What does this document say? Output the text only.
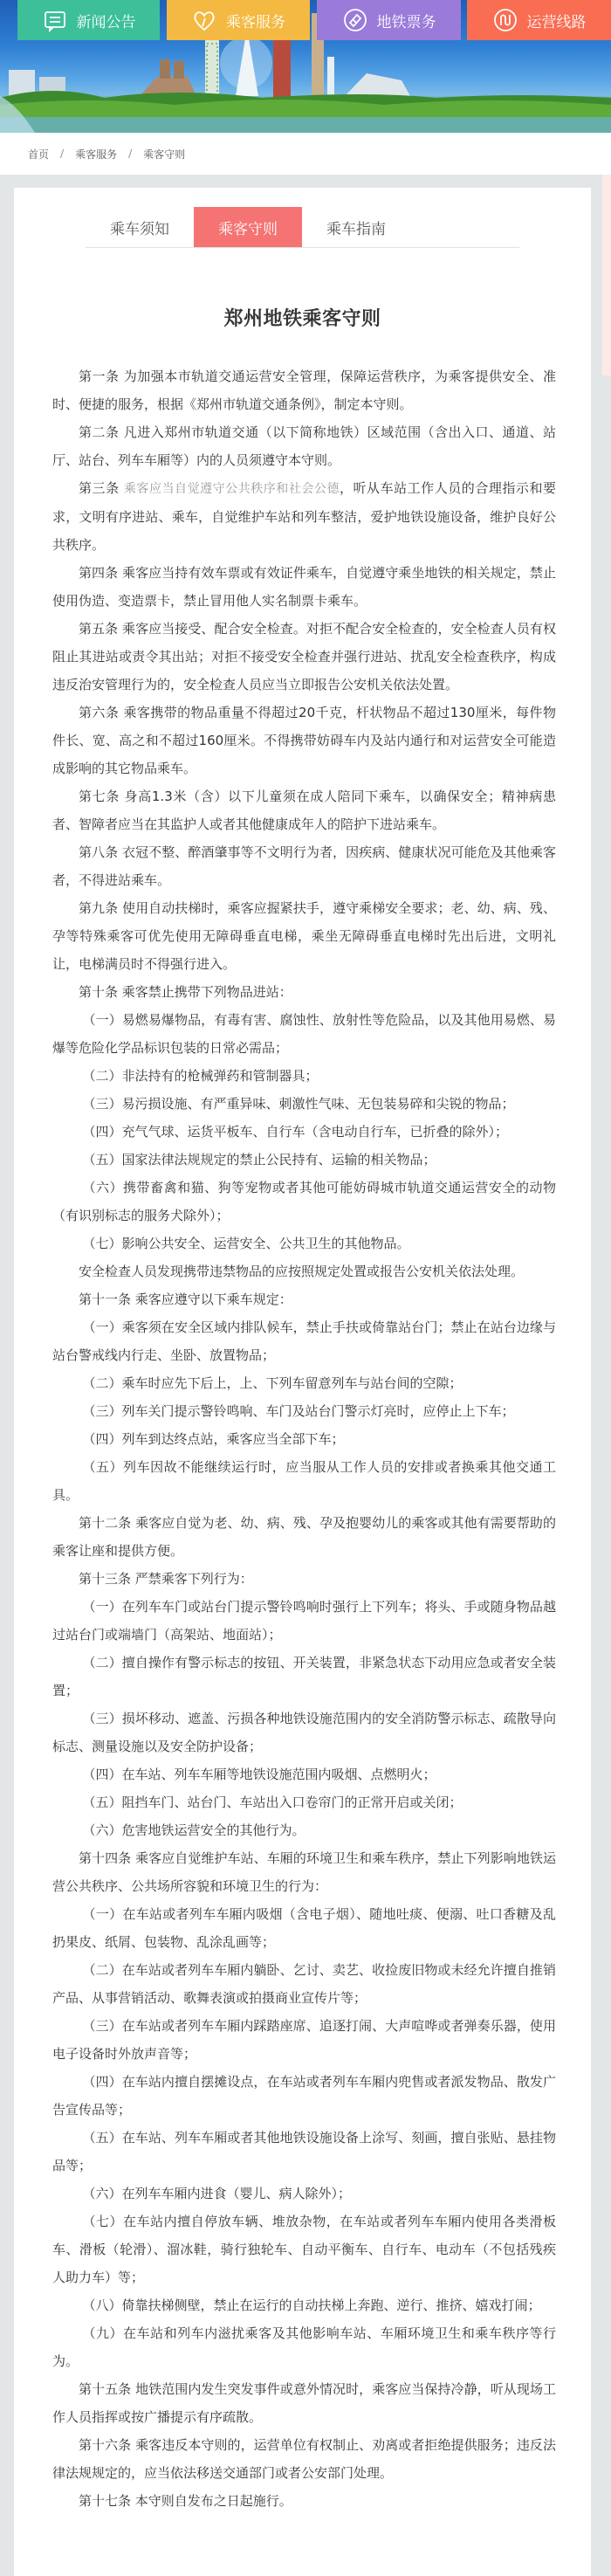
新闻公告	乘客服务	地铁票务	运营线路
首页 / 乘客服务 / 乘客守则
乘车须知	乘客守则	乘车指南
郑州地铁乘客守则

第一条 为加强本市轨道交通运营安全管理，保障运营秩序，为乘客提供安全、准时、便捷的服务，根据《郑州市轨道交通条例》，制定本守则。

第二条 凡进入郑州市轨道交通（以下简称地铁）区域范围（含出入口、通道、站厅、站台、列车车厢等）内的人员须遵守本守则。

第三条 乘客应当自觉遵守公共秩序和社会公德，听从车站工作人员的合理指示和要求，文明有序进站、乘车，自觉维护车站和列车整洁，爱护地铁设施设备，维护良好公共秩序。

第四条 乘客应当持有效车票或有效证件乘车，自觉遵守乘坐地铁的相关规定，禁止使用伪造、变造票卡，禁止冒用他人实名制票卡乘车。

第五条 乘客应当接受、配合安全检查。对拒不配合安全检查的，安全检查人员有权阻止其进站或责令其出站；对拒不接受安全检查并强行进站、扰乱安全检查秩序，构成违反治安管理行为的，安全检查人员应当立即报告公安机关依法处置。

第六条 乘客携带的物品重量不得超过20千克，杆状物品不超过130厘米，每件物件长、宽、高之和不超过160厘米。不得携带妨碍车内及站内通行和对运营安全可能造成影响的其它物品乘车。

第七条 身高1.3米（含）以下儿童须在成人陪同下乘车，以确保安全；精神病患者、智障者应当在其监护人或者其他健康成年人的陪护下进站乘车。

第八条 衣冠不整、醉酒肇事等不文明行为者，因疾病、健康状况可能危及其他乘客者，不得进站乘车。

第九条 使用自动扶梯时，乘客应握紧扶手，遵守乘梯安全要求；老、幼、病、残、孕等特殊乘客可优先使用无障碍垂直电梯，乘坐无障碍垂直电梯时先出后进，文明礼让，电梯满员时不得强行进入。

第十条 乘客禁止携带下列物品进站：

（一）易燃易爆物品，有毒有害、腐蚀性、放射性等危险品，以及其他用易燃、易爆等危险化学品标识包装的日常必需品；

（二）非法持有的枪械弹药和管制器具；

（三）易污损设施、有严重异味、刺激性气味、无包装易碎和尖锐的物品；

（四）充气气球、运货平板车、自行车（含电动自行车，已折叠的除外）；

（五）国家法律法规规定的禁止公民持有、运输的相关物品；

（六）携带畜禽和猫、狗等宠物或者其他可能妨碍城市轨道交通运营安全的动物（有识别标志的服务犬除外）；

（七）影响公共安全、运营安全、公共卫生的其他物品。

安全检查人员发现携带违禁物品的应按照规定处置或报告公安机关依法处理。

第十一条 乘客应遵守以下乘车规定：

（一）乘客须在安全区域内排队候车，禁止手扶或倚靠站台门；禁止在站台边缘与站台警戒线内行走、坐卧、放置物品；

（二）乘车时应先下后上，上、下列车留意列车与站台间的空隙；

（三）列车关门提示警铃鸣响、车门及站台门警示灯亮时，应停止上下车；

（四）列车到达终点站，乘客应当全部下车；

（五）列车因故不能继续运行时，应当服从工作人员的安排或者换乘其他交通工具。

第十二条 乘客应自觉为老、幼、病、残、孕及抱婴幼儿的乘客或其他有需要帮助的乘客让座和提供方便。

第十三条 严禁乘客下列行为：

（一）在列车车门或站台门提示警铃鸣响时强行上下列车；将头、手或随身物品越过站台门或端墙门（高架站、地面站）；

（二）擅自操作有警示标志的按钮、开关装置，非紧急状态下动用应急或者安全装置；

（三）损坏移动、遮盖、污损各种地铁设施范围内的安全消防警示标志、疏散导向标志、测量设施以及安全防护设备；

（四）在车站、列车车厢等地铁设施范围内吸烟、点燃明火；

（五）阻挡车门、站台门、车站出入口卷帘门的正常开启或关闭；

（六）危害地铁运营安全的其他行为。

第十四条 乘客应自觉维护车站、车厢的环境卫生和乘车秩序，禁止下列影响地铁运营公共秩序、公共场所容貌和环境卫生的行为：

（一）在车站或者列车车厢内吸烟（含电子烟）、随地吐痰、便溺、吐口香糖及乱扔果皮、纸屑、包装物、乱涂乱画等；

（二）在车站或者列车车厢内躺卧、乞讨、卖艺、收捡废旧物或未经允许擅自推销产品、从事营销活动、歌舞表演或拍摄商业宣传片等；

（三）在车站或者列车车厢内踩踏座席、追逐打闹、大声喧哗或者弹奏乐器，使用电子设备时外放声音等；

（四）在车站内擅自摆摊设点，在车站或者列车车厢内兜售或者派发物品、散发广告宣传品等；

（五）在车站、列车车厢或者其他地铁设施设备上涂写、刻画，擅自张贴、悬挂物品等；

（六）在列车车厢内进食（婴儿、病人除外）；

（七）在车站内擅自停放车辆、堆放杂物，在车站或者列车车厢内使用各类滑板车、滑板（轮滑）、溜冰鞋，骑行独轮车、自动平衡车、自行车、电动车（不包括残疾人助力车）等；

（八）倚靠扶梯侧壁，禁止在运行的自动扶梯上奔跑、逆行、推挤、嬉戏打闹；

（九）在车站和列车内滋扰乘客及其他影响车站、车厢环境卫生和乘车秩序等行为。

第十五条 地铁范围内发生突发事件或意外情况时，乘客应当保持冷静，听从现场工作人员指挥或按广播提示有序疏散。

第十六条 乘客违反本守则的，运营单位有权制止、劝离或者拒绝提供服务；违反法律法规规定的，应当依法移送交通部门或者公安部门处理。

第十七条 本守则自发布之日起施行。
